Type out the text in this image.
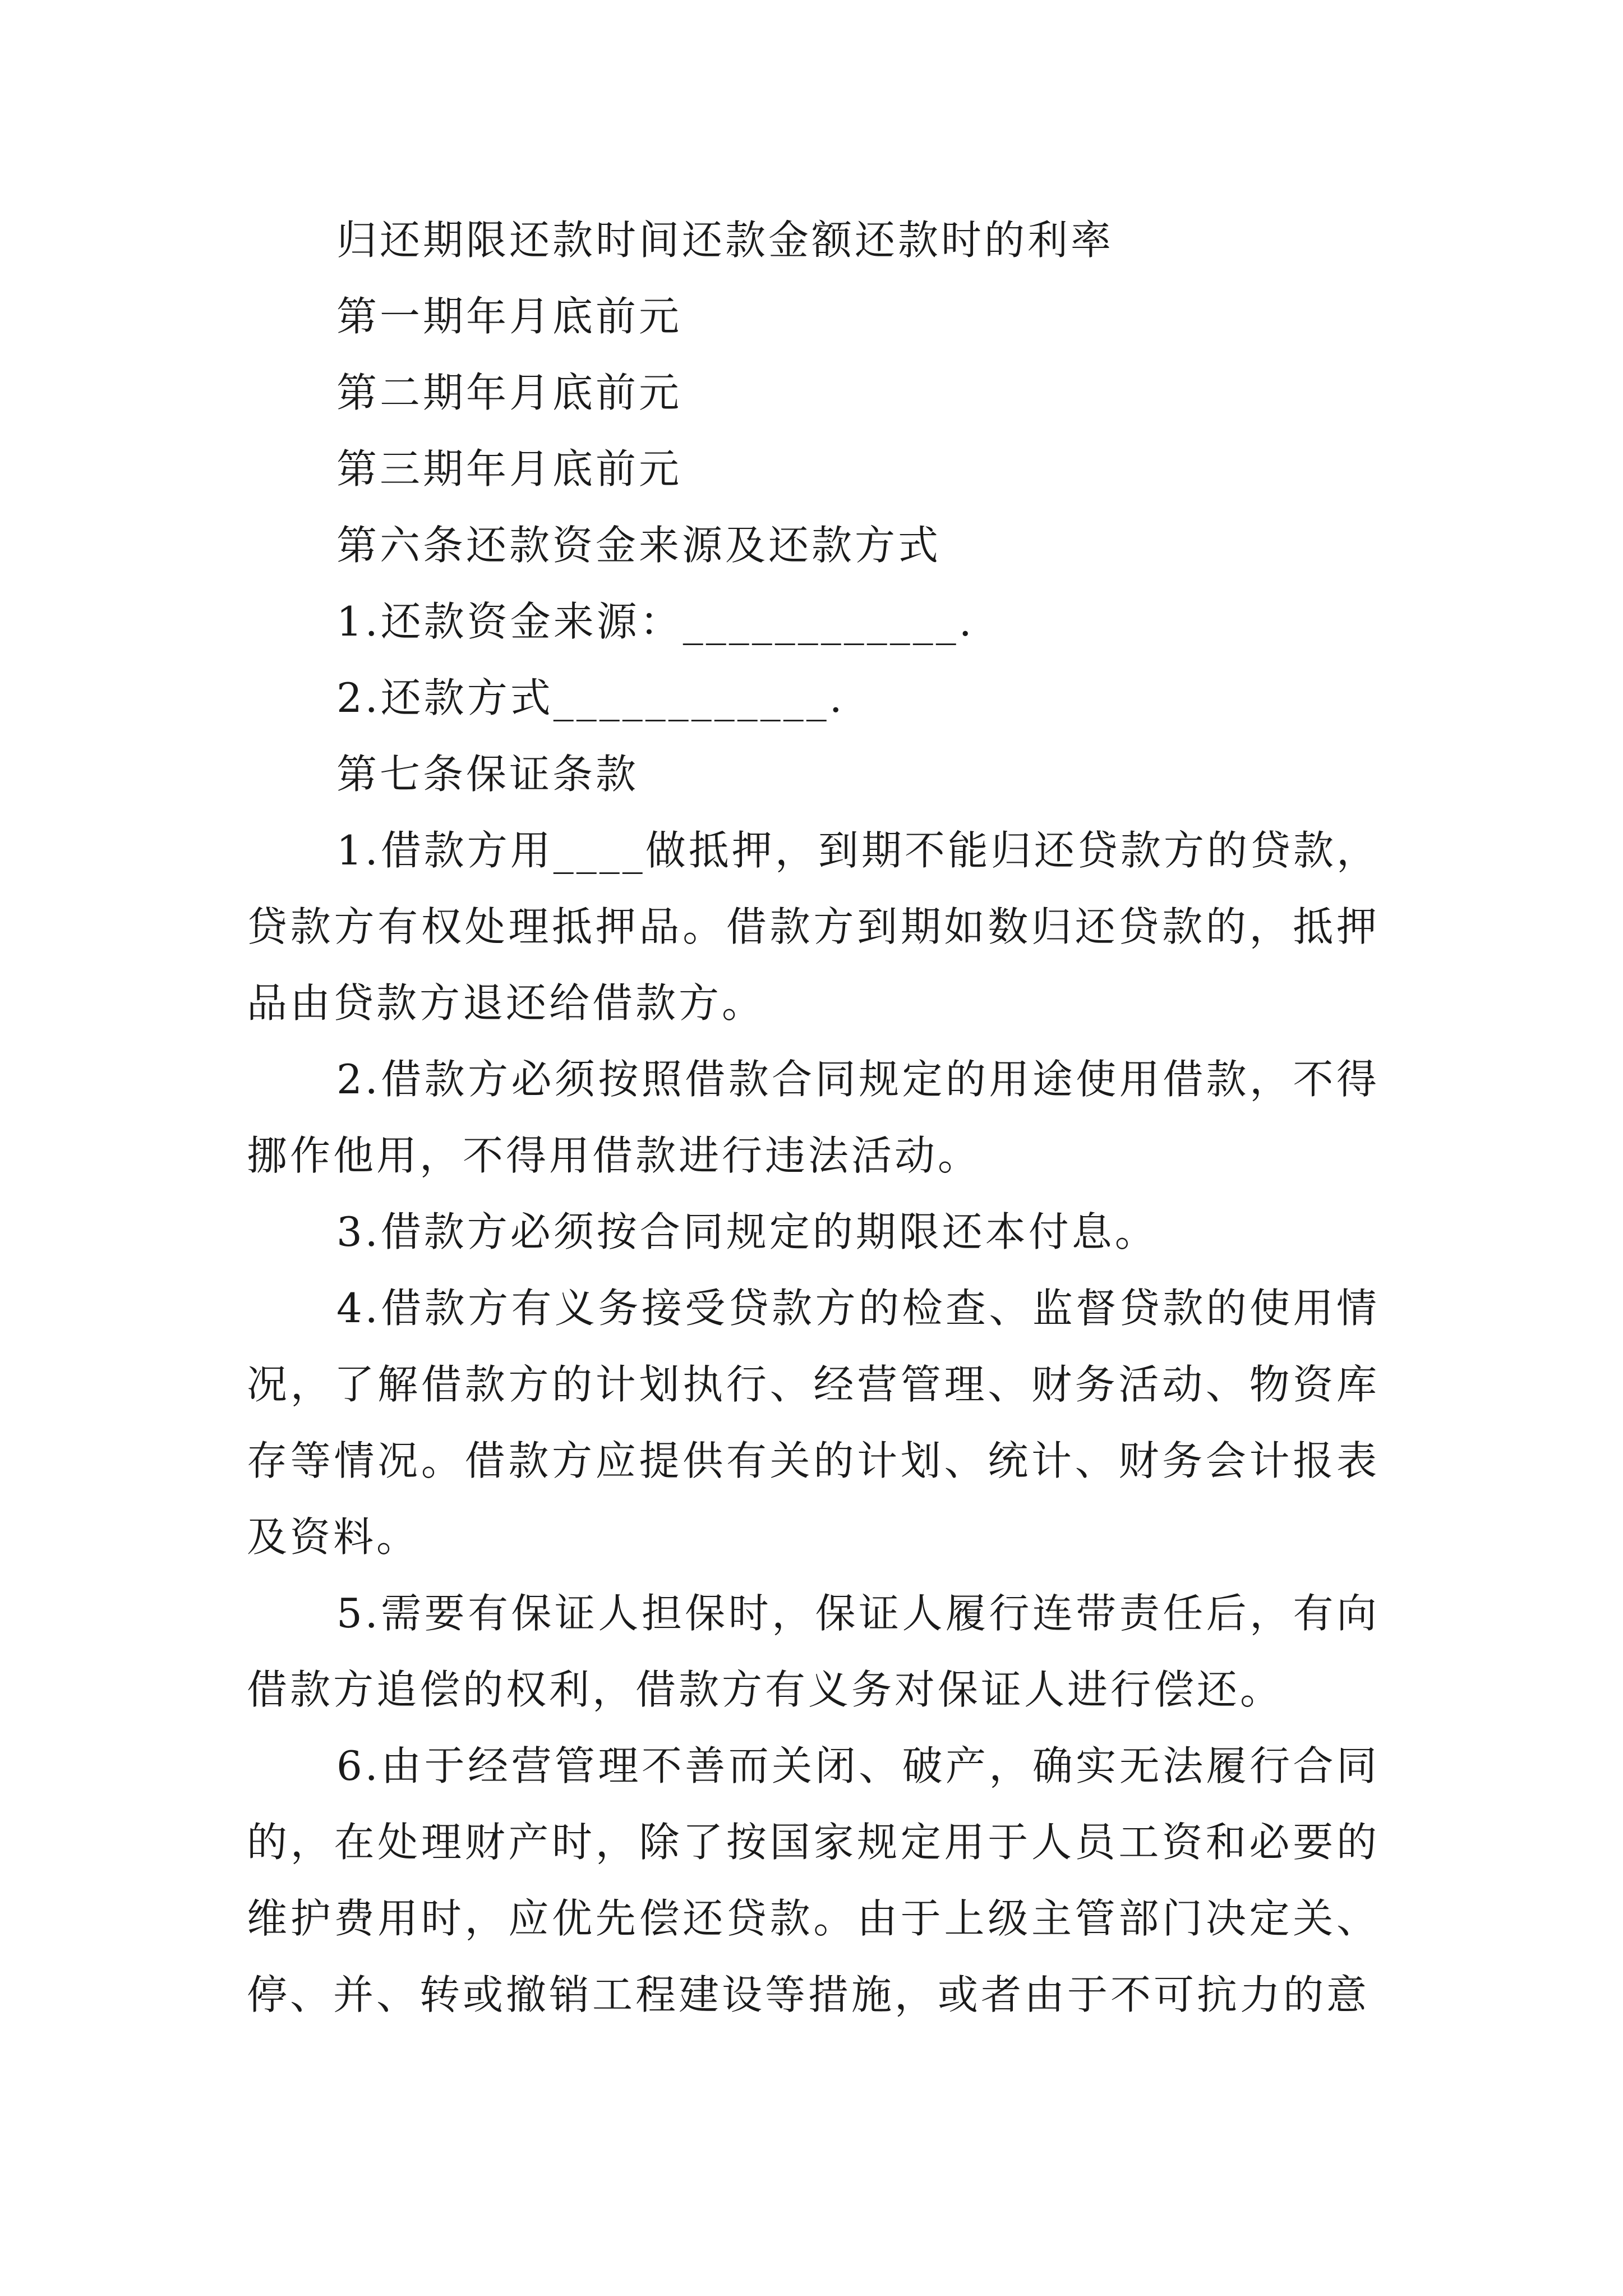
归还期限还款时间还款金额还款时的利率
第一期年月底前元
第二期年月底前元
第三期年月底前元
第六条还款资金来源及还款方式
1.还款资金来源：____________.
2.还款方式____________.
第七条保证条款

1.借款方用____做抵押，到期不能归还贷款方的贷款，贷款方有权处理抵押品。借款方到期如数归还贷款的，抵押品由贷款方退还给借款方。

2.借款方必须按照借款合同规定的用途使用借款，不得挪作他用，不得用借款进行违法活动。

3.借款方必须按合同规定的期限还本付息。

4.借款方有义务接受贷款方的检查、监督贷款的使用情况，了解借款方的计划执行、经营管理、财务活动、物资库存等情况。借款方应提供有关的计划、统计、财务会计报表及资料。

5.需要有保证人担保时，保证人履行连带责任后，有向借款方追偿的权利，借款方有义务对保证人进行偿还。

6.由于经营管理不善而关闭、破产，确实无法履行合同的，在处理财产时，除了按国家规定用于人员工资和必要的维护费用时，应优先偿还贷款。由于上级主管部门决定关、停、并、转或撤销工程建设等措施，或者由于不可抗力的意
